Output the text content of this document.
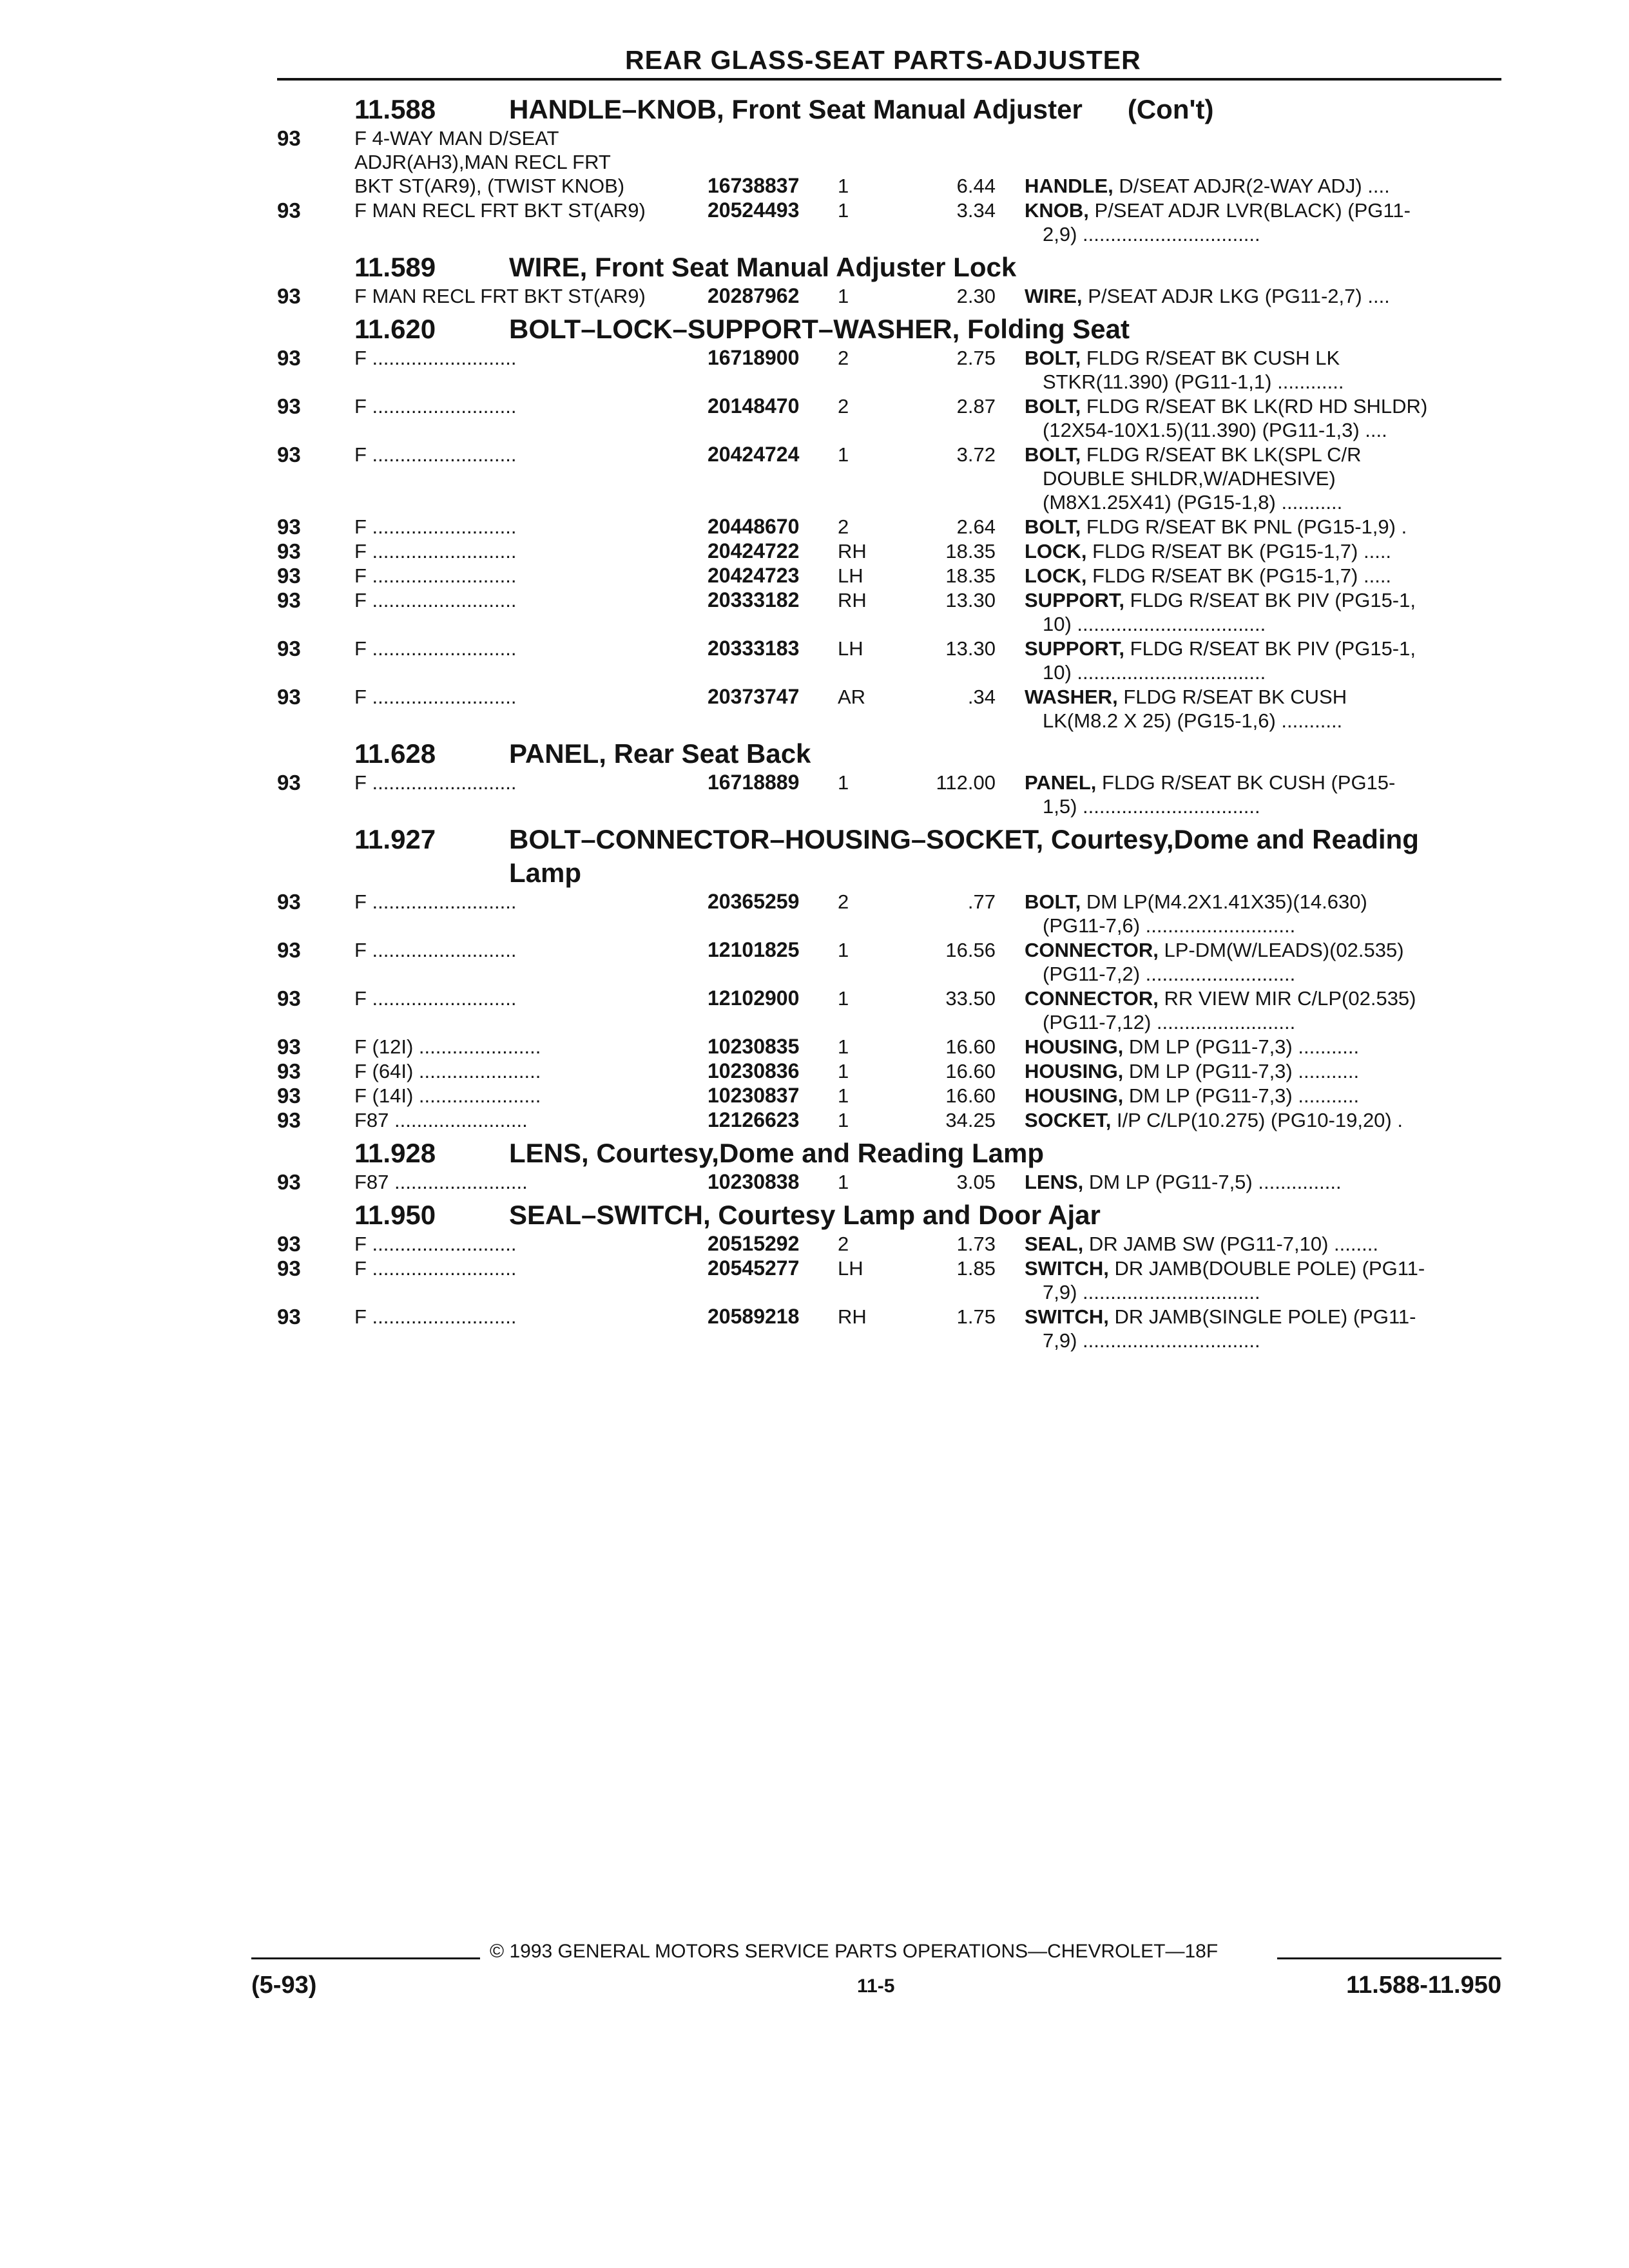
REAR GLASS-SEAT PARTS-ADJUSTER
11.588	HANDLE–KNOB, Front Seat Manual Adjuster (Con't)
93	F 4-WAY MAN D/SEAT
ADJR(AH3),MAN RECL FRT
BKT ST(AR9), (TWIST KNOB)	16738837 1	6.44 HANDLE, D/SEAT ADJR(2-WAY ADJ) ....
93	F MAN RECL FRT BKT ST(AR9)	20524493 1	3.34 KNOB, P/SEAT ADJR LVR(BLACK) (PG11-
2,9) ................................
11.589	WIRE, Front Seat Manual Adjuster Lock
93	F MAN RECL FRT BKT ST(AR9)	20287962 1	2.30 WIRE, P/SEAT ADJR LKG (PG11-2,7) ....
11.620	BOLT–LOCK–SUPPORT–WASHER, Folding Seat
93	F ..........................	16718900 2	2.75 BOLT, FLDG R/SEAT BK CUSH LK
STKR(11.390) (PG11-1,1) ............
93	F ..........................	20148470 2	2.87 BOLT, FLDG R/SEAT BK LK(RD HD SHLDR)
(12X54-10X1.5)(11.390) (PG11-1,3) ....
93	F ..........................	20424724 1	3.72 BOLT, FLDG R/SEAT BK LK(SPL C/R
DOUBLE SHLDR,W/ADHESIVE)
(M8X1.25X41) (PG15-1,8) ...........
93	F ..........................	20448670 2	2.64 BOLT, FLDG R/SEAT BK PNL (PG15-1,9) .
93	F ..........................	20424722 RH	18.35 LOCK, FLDG R/SEAT BK (PG15-1,7) .....
93	F ..........................	20424723 LH	18.35 LOCK, FLDG R/SEAT BK (PG15-1,7) .....
93	F ..........................	20333182 RH	13.30 SUPPORT, FLDG R/SEAT BK PIV (PG15-1,
10) ..................................
93	F ..........................	20333183 LH	13.30 SUPPORT, FLDG R/SEAT BK PIV (PG15-1,
10) ..................................
93	F ..........................	20373747 AR	.34 WASHER, FLDG R/SEAT BK CUSH
LK(M8.2 X 25) (PG15-1,6) ...........
11.628	PANEL, Rear Seat Back
93	F ..........................	16718889 1	112.00 PANEL, FLDG R/SEAT BK CUSH (PG15-
1,5) ................................
11.927	BOLT–CONNECTOR–HOUSING–SOCKET, Courtesy,Dome and Reading Lamp
93	F ..........................	20365259 2	.77 BOLT, DM LP(M4.2X1.41X35)(14.630)
(PG11-7,6) ...........................
93	F ..........................	12101825 1	16.56 CONNECTOR, LP-DM(W/LEADS)(02.535)
(PG11-7,2) ...........................
93	F ..........................	12102900 1	33.50 CONNECTOR, RR VIEW MIR C/LP(02.535)
(PG11-7,12) .........................
93	F (12I) ......................	10230835 1	16.60 HOUSING, DM LP (PG11-7,3) ...........
93	F (64I) ......................	10230836 1	16.60 HOUSING, DM LP (PG11-7,3) ...........
93	F (14I) ......................	10230837 1	16.60 HOUSING, DM LP (PG11-7,3) ...........
93	F87 ........................	12126623 1	34.25 SOCKET, I/P C/LP(10.275) (PG10-19,20) .
11.928	LENS, Courtesy,Dome and Reading Lamp
93	F87 ........................	10230838 1	3.05 LENS, DM LP (PG11-7,5) ...............
11.950	SEAL–SWITCH, Courtesy Lamp and Door Ajar
93	F ..........................	20515292 2	1.73 SEAL, DR JAMB SW (PG11-7,10) ........
93	F ..........................	20545277 LH	1.85 SWITCH, DR JAMB(DOUBLE POLE) (PG11-
7,9) ................................
93	F ..........................	20589218 RH	1.75 SWITCH, DR JAMB(SINGLE POLE) (PG11-
7,9) ................................
© 1993 GENERAL MOTORS SERVICE PARTS OPERATIONS—CHEVROLET—18F
(5-93)	11-5	11.588-11.950
